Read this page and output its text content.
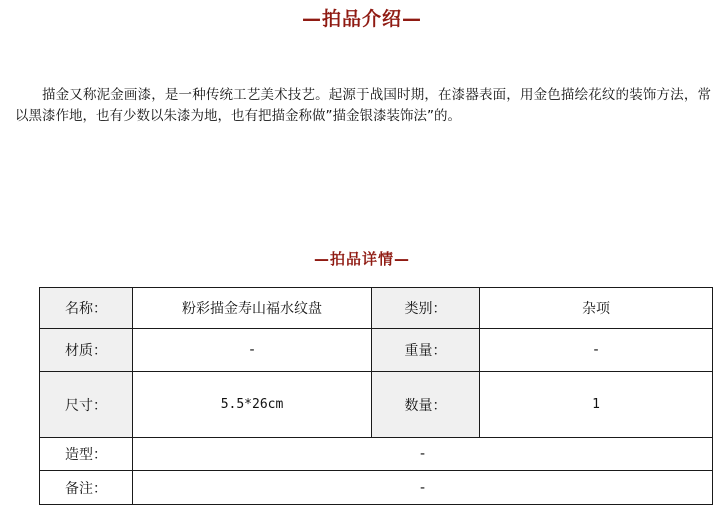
—拍品介绍—

描金又称泥金画漆，是一种传统工艺美术技艺。起源于战国时期，在漆器表面，用金色描绘花纹的装饰方法，常以黑漆作地，也有少数以朱漆为地，也有把描金称做”描金银漆装饰法”的。

—拍品详情—
名称：	粉彩描金寿山福水纹盘	类别：	杂项
材质：	-	重量：	-
尺寸：	5.5*26cm	数量：	1
造型：	-		
备注：	-		
